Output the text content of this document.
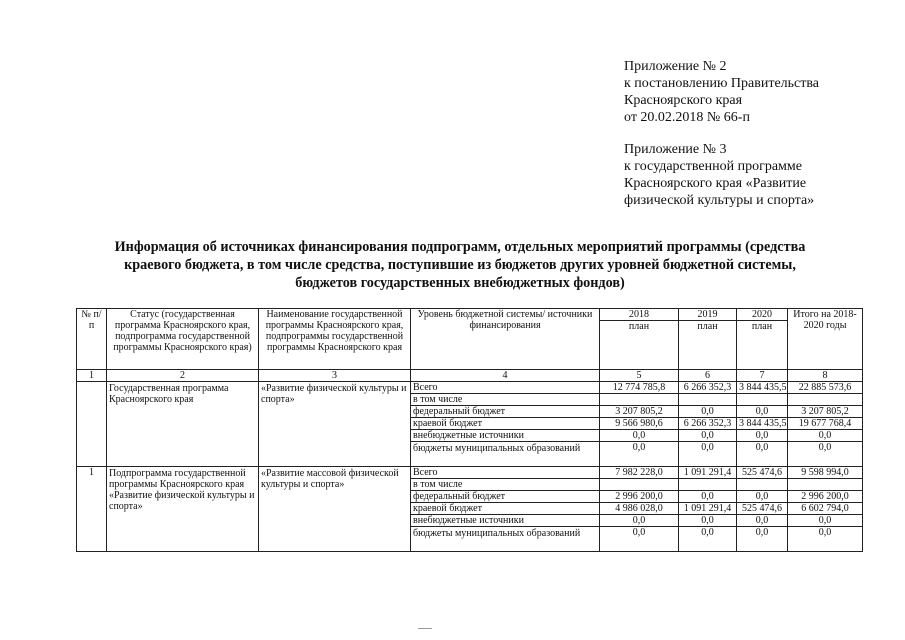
Приложение № 2
к постановлению Правительства
Красноярского края
от 20.02.2018 № 66-п
Приложение № 3
к государственной программе
Красноярского края «Развитие
физической культуры и спорта»
Информация об источниках финансирования подпрограмм, отдельных мероприятий программы (средства
краевого бюджета, в том числе средства, поступившие из бюджетов других уровней бюджетной системы,
бюджетов государственных внебюджетных фондов)
№ п/п	Статус (государственная программа Красноярского края, подпрограмма государственной программы Красноярского края)	Наименование государственной программы Красноярского края, подпрограммы государственной программы Красноярского края	Уровень бюджетной системы/ источники финансирования	2018	2019	2020	Итого на 2018-2020 годы
				план	план	план	
1	2	3	4	5	6	7	8
	Государственная программа Красноярского края	«Развитие физической культуры и спорта»	Всего	12 774 785,8	6 266 352,3	3 844 435,5	22 885 573,6
			в том числе				
			федеральный бюджет	3 207 805,2	0,0	0,0	3 207 805,2
			краевой бюджет	9 566 980,6	6 266 352,3	3 844 435,5	19 677 768,4
			внебюджетные источники	0,0	0,0	0,0	0,0
			бюджеты муниципальных образований	0,0	0,0	0,0	0,0
1	Подпрограмма государственной программы Красноярского края «Развитие физической культуры и спорта»	«Развитие массовой физической культуры и спорта»	Всего	7 982 228,0	1 091 291,4	525 474,6	9 598 994,0
			в том числе				
			федеральный бюджет	2 996 200,0	0,0	0,0	2 996 200,0
			краевой бюджет	4 986 028,0	1 091 291,4	525 474,6	6 602 794,0
			внебюджетные источники	0,0	0,0	0,0	0,0
			бюджеты муниципальных образований	0,0	0,0	0,0	0,0
